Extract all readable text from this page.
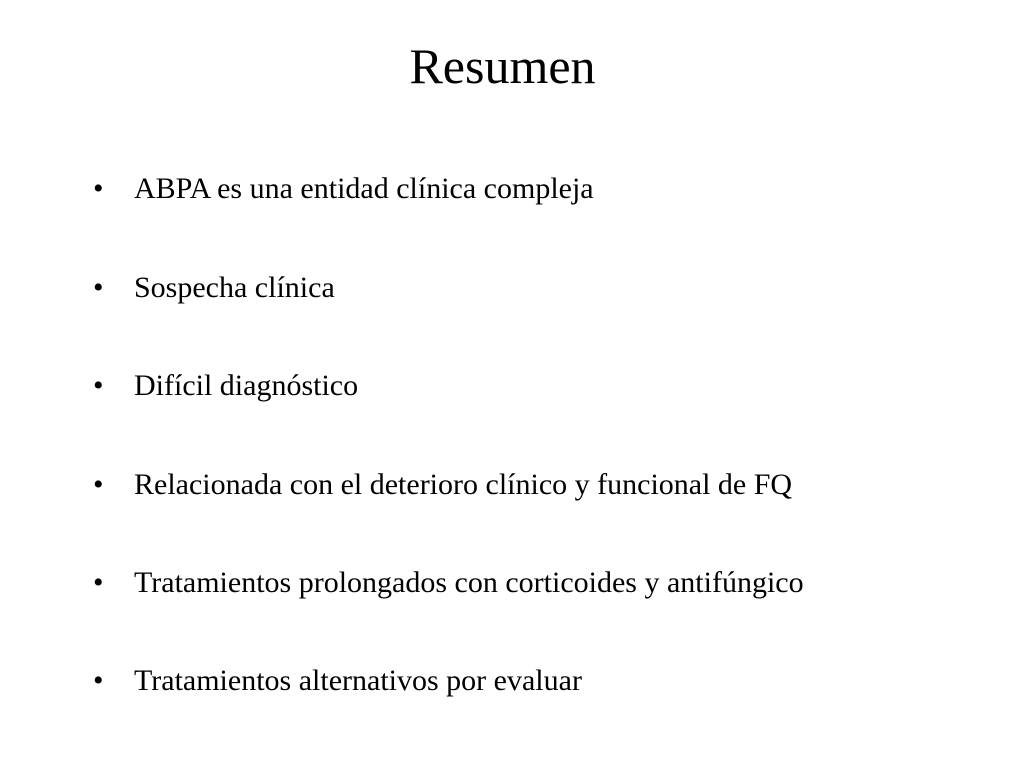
Resumen
• ABPA es una entidad clínica compleja
• Sospecha clínica
• Difícil diagnóstico
• Relacionada con el deterioro clínico y funcional de FQ
• Tratamientos prolongados con corticoides y antifúngico
• Tratamientos alternativos por evaluar
